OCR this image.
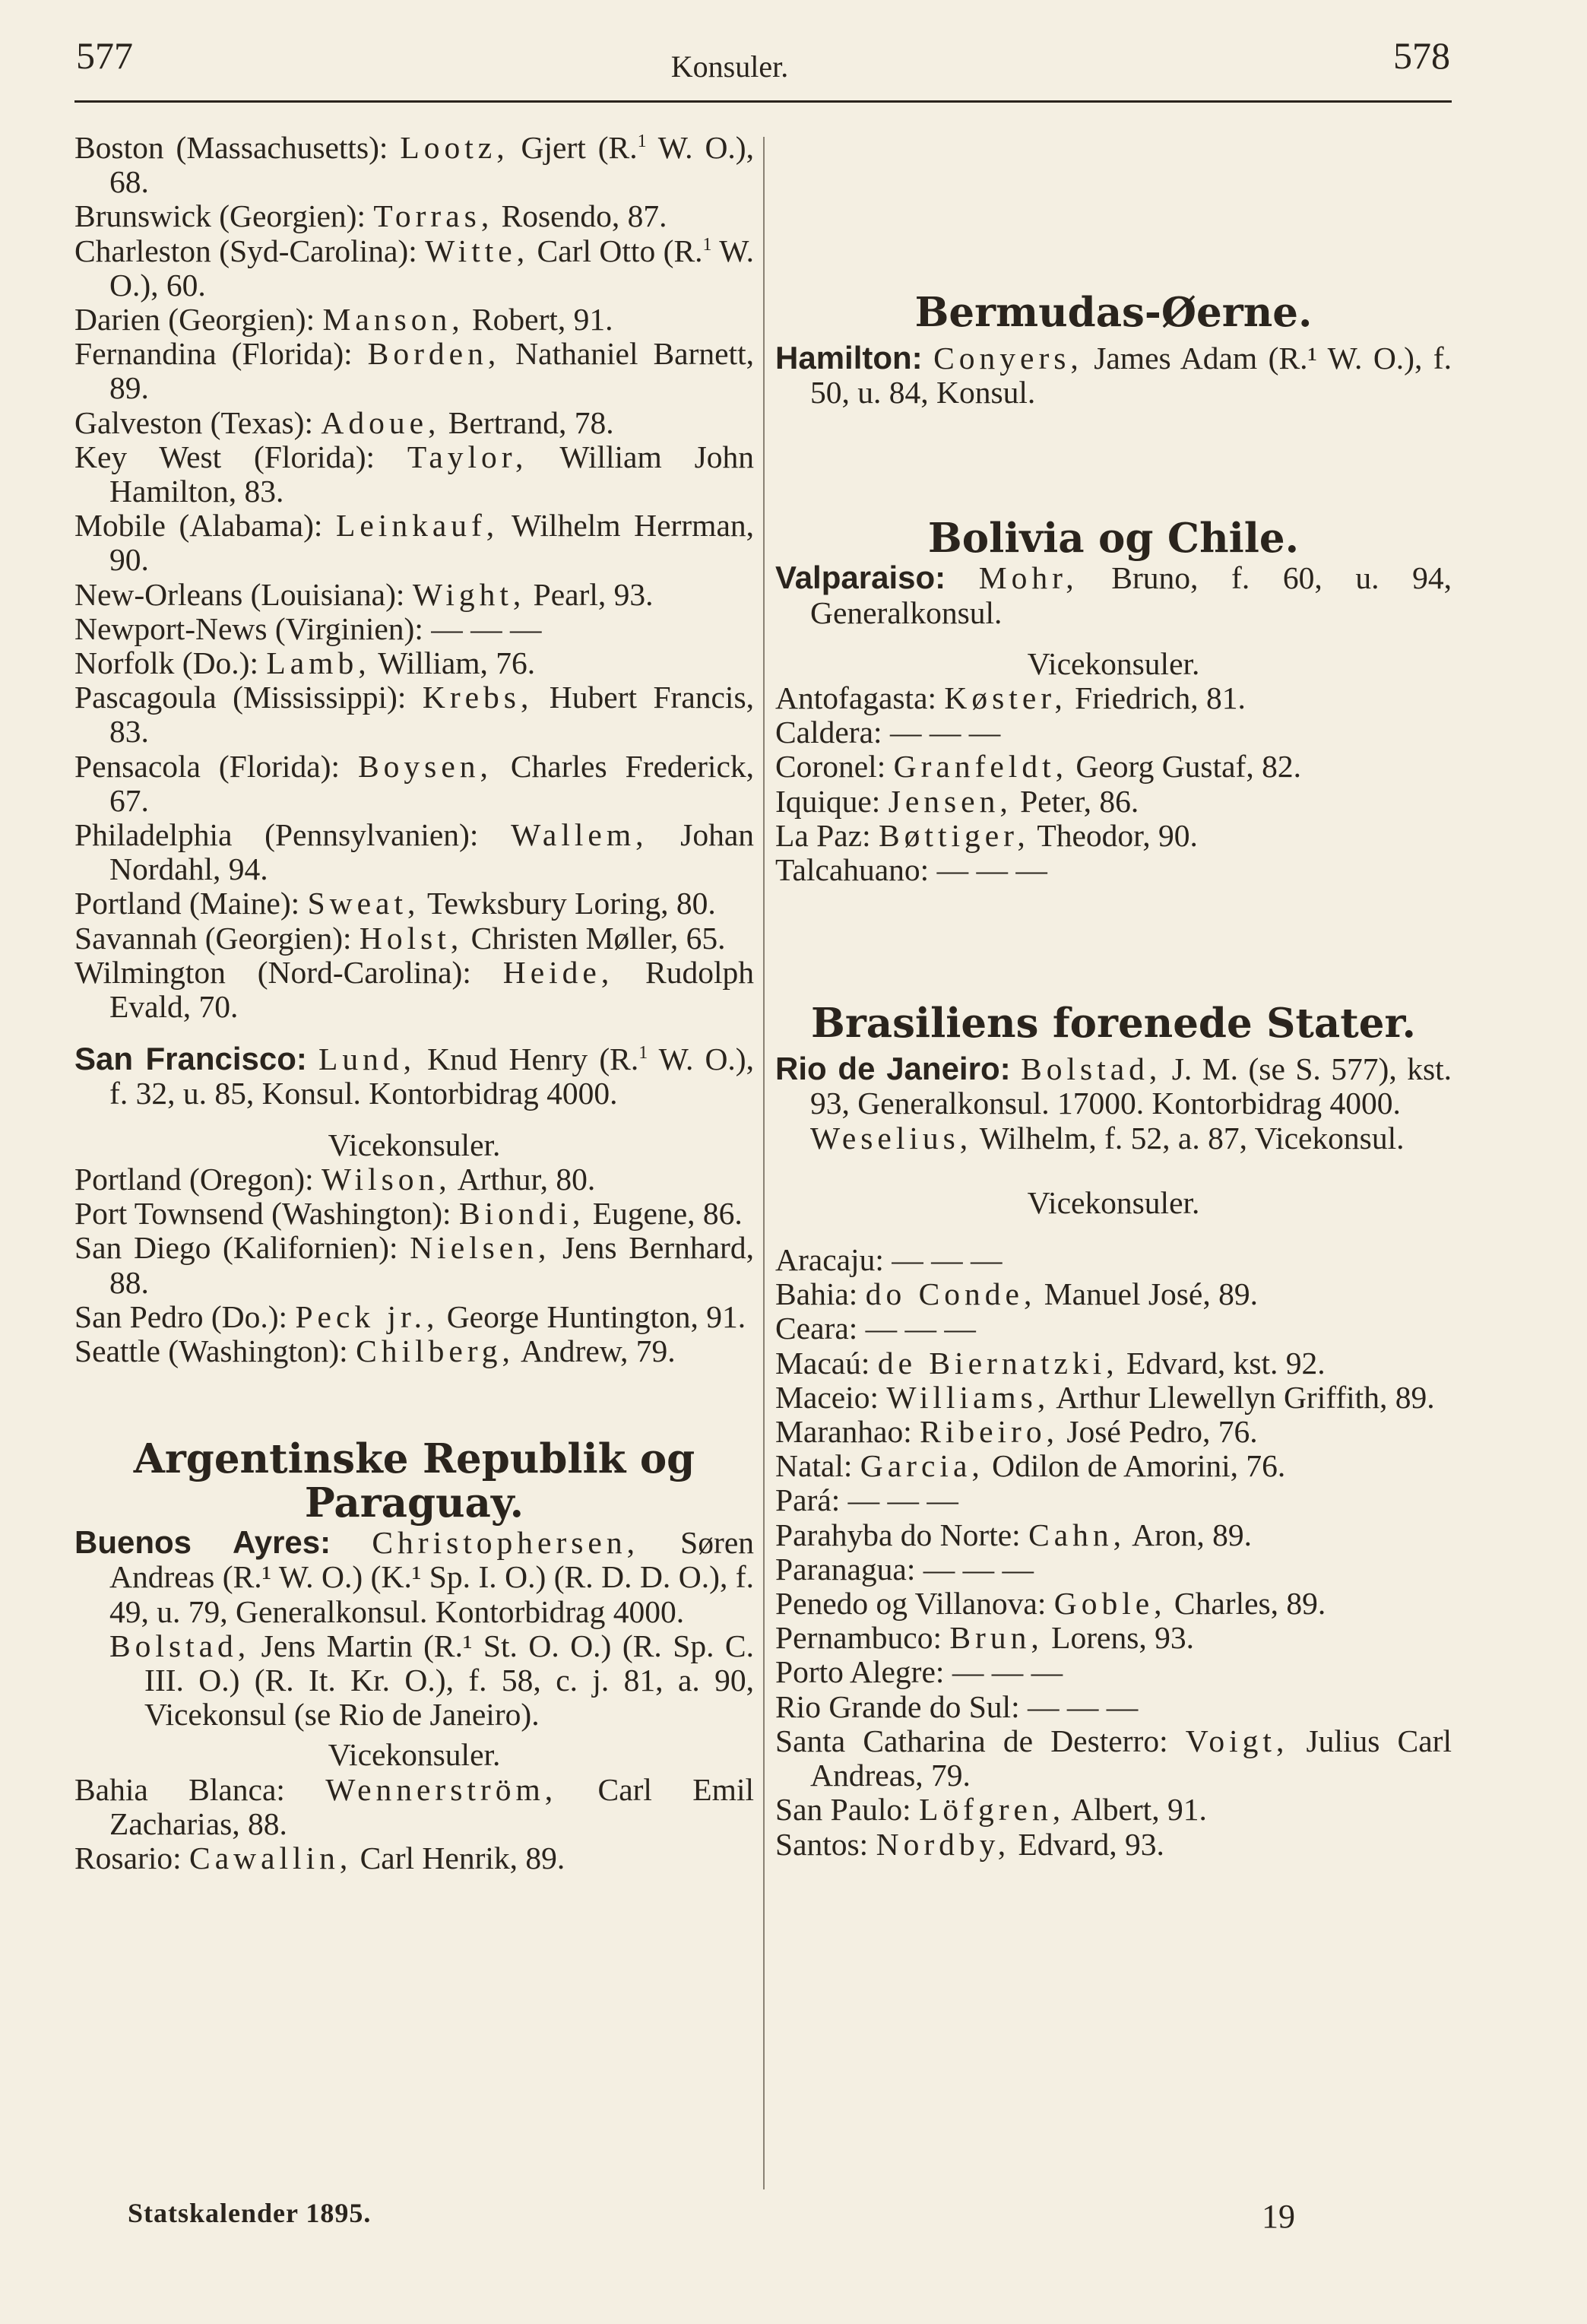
577	Konsuler.	578
Boston (Massachusetts): Lootz, Gjert (R.$^1$ W. O.), 68.
Brunswick (Georgien): Torras, Rosendo, 87.
Charleston (Syd-Carolina): Witte, Carl Otto (R.$^1$ W. O.), 60.
Darien (Georgien): Manson, Robert, 91.
Fernandina (Florida): Borden, Nathaniel Barnett, 89.
Galveston (Texas): Adoue, Bertrand, 78.
Key West (Florida): Taylor, William John Hamilton, 83.
Mobile (Alabama): Leinkauf, Wilhelm Herrman, 90.
New-Orleans (Louisiana): Wight, Pearl, 93.
Newport-News (Virginien): — — —
Norfolk (Do.): Lamb, William, 76.
Pascagoula (Mississippi): Krebs, Hubert Francis, 83.
Pensacola (Florida): Boysen, Charles Frederick, 67.
Philadelphia (Pennsylvanien): Wallem, Johan Nordahl, 94.
Portland (Maine): Sweat, Tewksbury Loring, 80.
Savannah (Georgien): Holst, Christen Møller, 65.
Wilmington (Nord-Carolina): Heide, Rudolph Evald, 70.
San Francisco: Lund, Knud Henry (R.$^1$ W. O.), f. 32, u. 85, Konsul. Kontorbidrag 4000.
Vicekonsuler.
Portland (Oregon): Wilson, Arthur, 80.
Port Townsend (Washington): Biondi, Eugene, 86.
San Diego (Kalifornien): Nielsen, Jens Bernhard, 88.
San Pedro (Do.): Peck jr., George Huntington, 91.
Seattle (Washington): Chilberg, Andrew, 79.
Argentinske Republik og
Paraguay.
Buenos Ayres: Christophersen, Søren Andreas (R.¹ W. O.) (K.¹ Sp. I. O.) (R. D. D. O.), f. 49, u. 79, Generalkonsul. Kontorbidrag 4000.
Bolstad, Jens Martin (R.¹ St. O. O.) (R. Sp. C. III. O.) (R. It. Kr. O.), f. 58, c. j. 81, a. 90, Vicekonsul (se Rio de Janeiro).
Vicekonsuler.
Bahia Blanca: Wennerström, Carl Emil Zacharias, 88.
Rosario: Cawallin, Carl Henrik, 89.
Bermudas-Øerne.
Hamilton: Conyers, James Adam (R.¹ W. O.), f. 50, u. 84, Konsul.
Bolivia og Chile.
Valparaiso: Mohr, Bruno, f. 60, u. 94, Generalkonsul.
Vicekonsuler.
Antofagasta: Køster, Friedrich, 81.
Caldera: — — —
Coronel: Granfeldt, Georg Gustaf, 82.
Iquique: Jensen, Peter, 86.
La Paz: Bøttiger, Theodor, 90.
Talcahuano: — — —
Brasiliens forenede Stater.
Rio de Janeiro: Bolstad, J. M. (se S. 577), kst. 93, Generalkonsul. 17000. Kontorbidrag 4000.
Weselius, Wilhelm, f. 52, a. 87, Vicekonsul.
Vicekonsuler.
Aracaju: — — —
Bahia: do Conde, Manuel José, 89.
Ceara: — — —
Macaú: de Biernatzki, Edvard, kst. 92.
Maceio: Williams, Arthur Llewellyn Griffith, 89.
Maranhao: Ribeiro, José Pedro, 76.
Natal: Garcia, Odilon de Amorini, 76.
Pará: — — —
Parahyba do Norte: Cahn, Aron, 89.
Paranagua: — — —
Penedo og Villanova: Goble, Charles, 89.
Pernambuco: Brun, Lorens, 93.
Porto Alegre: — — —
Rio Grande do Sul: — — —
Santa Catharina de Desterro: Voigt, Julius Carl Andreas, 79.
San Paulo: Löfgren, Albert, 91.
Santos: Nordby, Edvard, 93.
Statskalender 1895.	19
